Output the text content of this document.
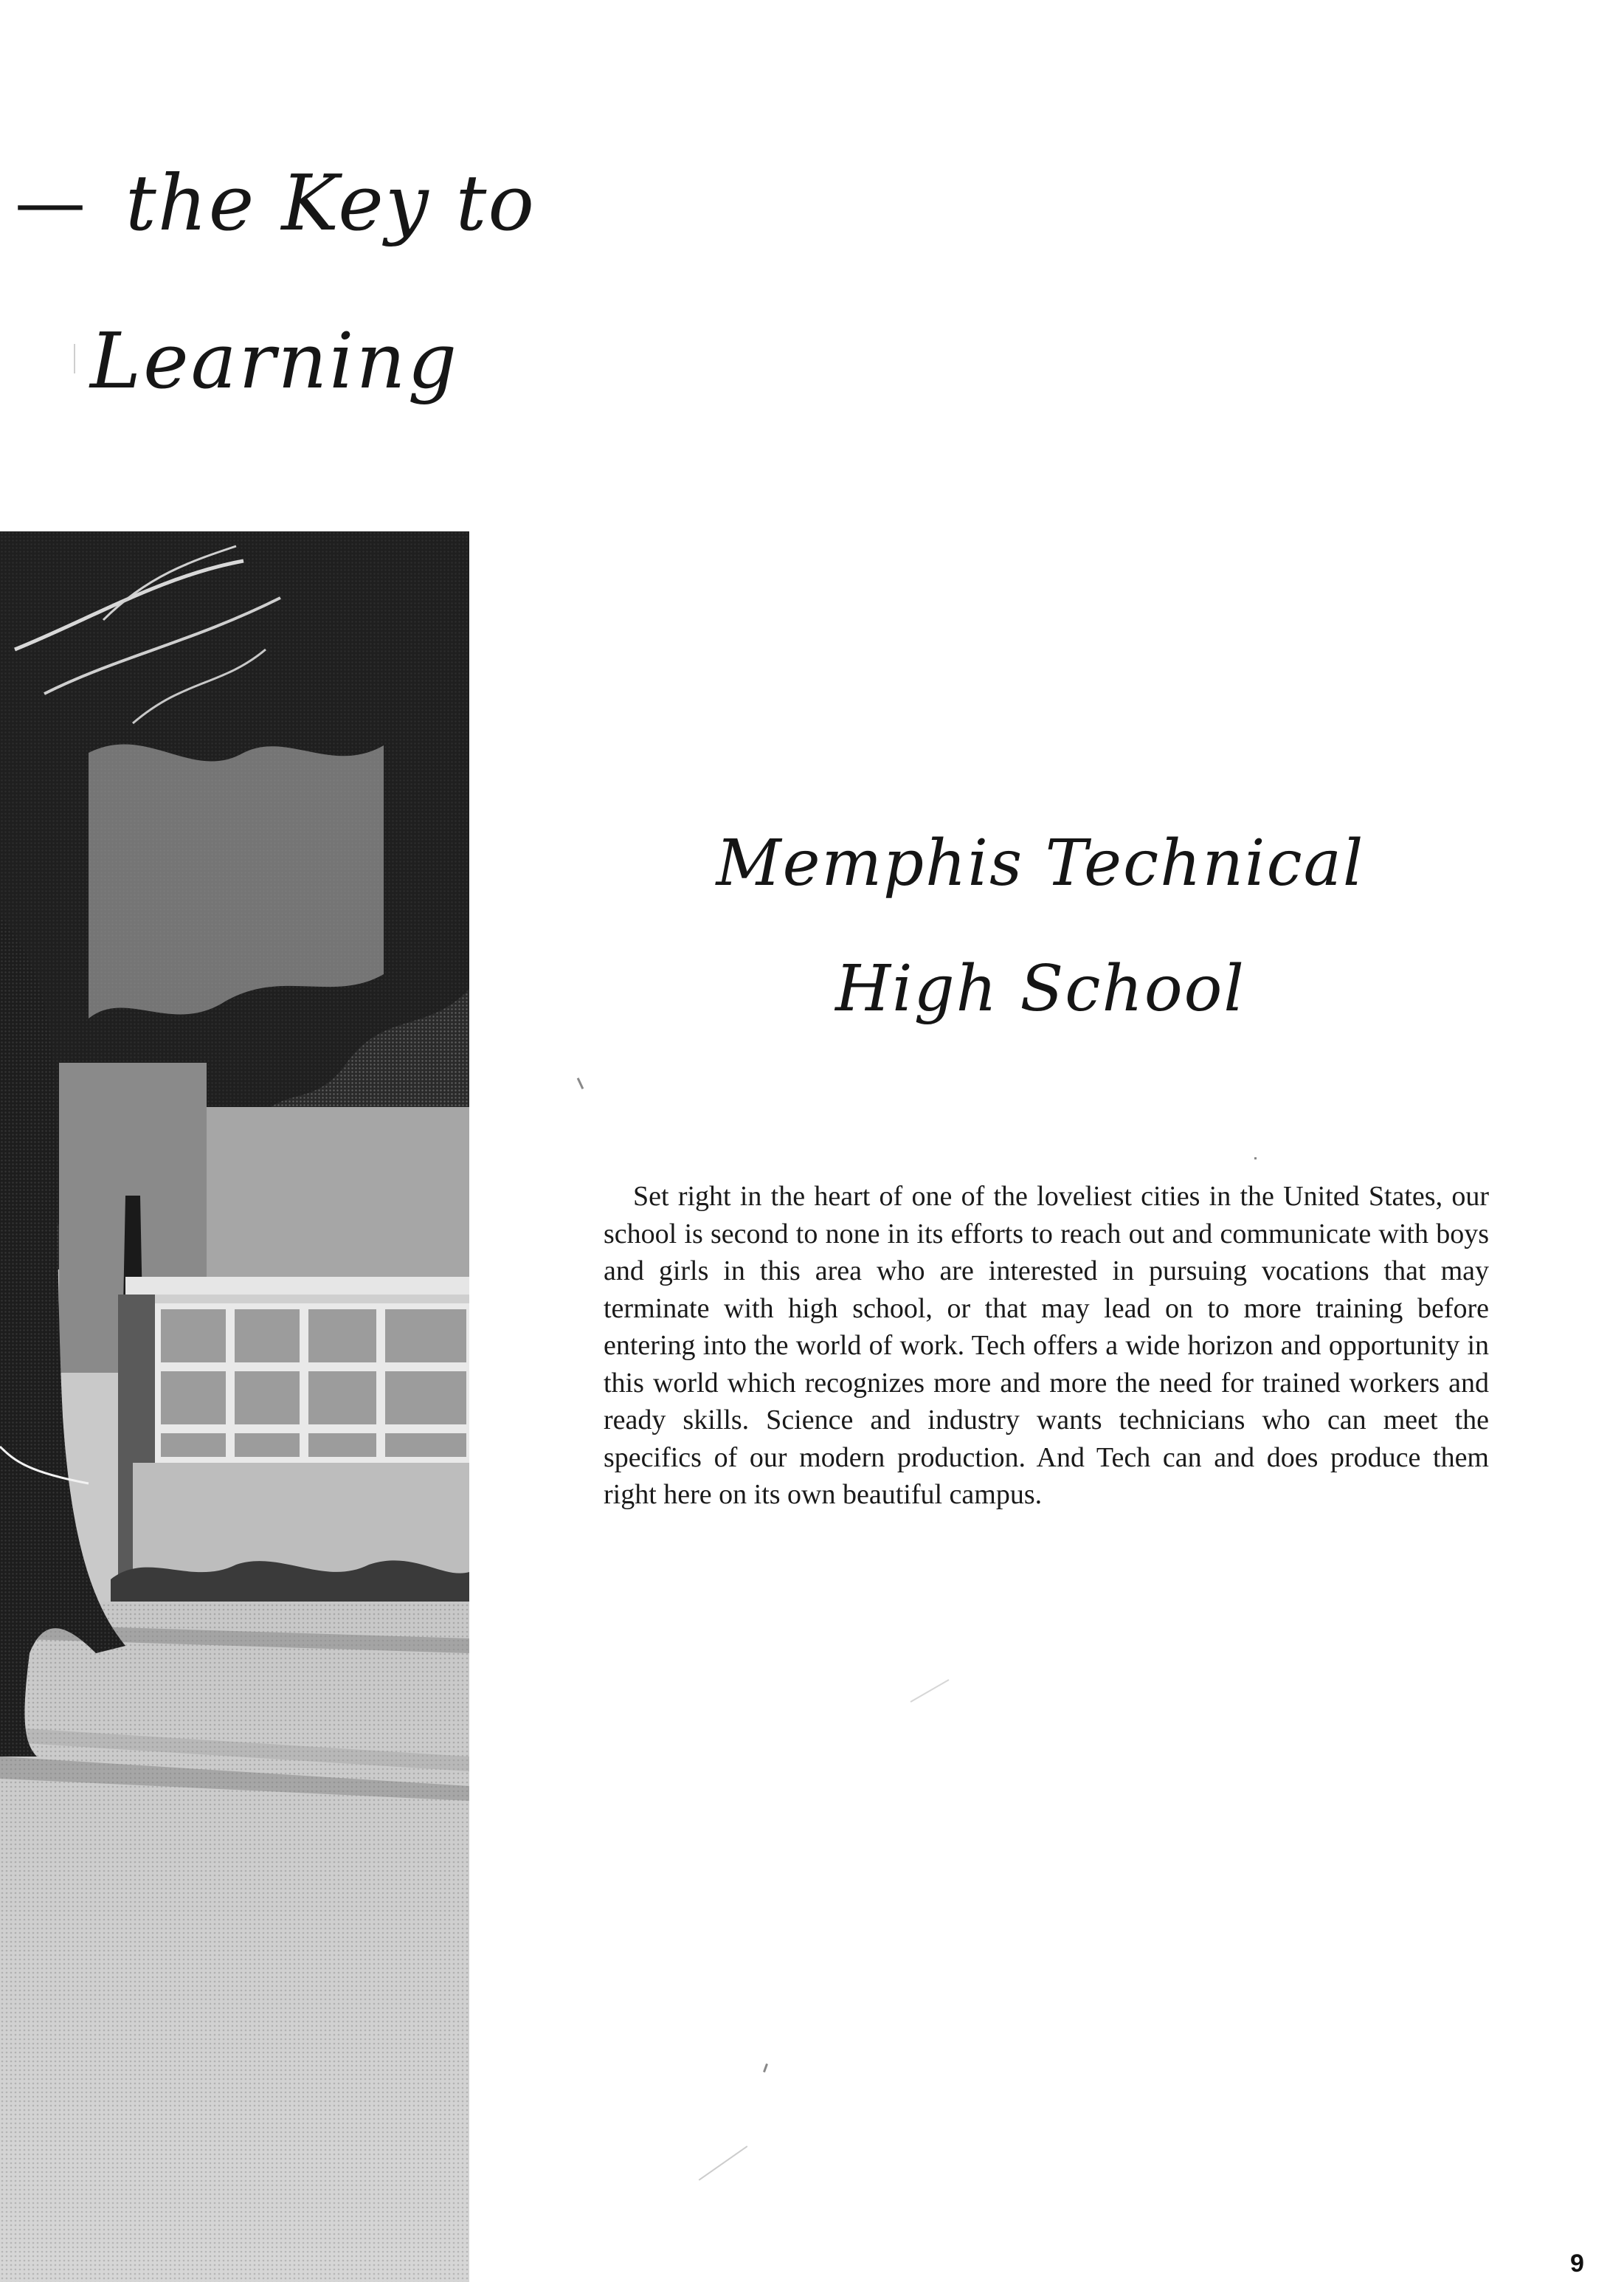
— the Key to
Learning
Memphis Technical
High School

Set right in the heart of one of the loveliest cities in the United States, our school is second to none in its efforts to reach out and communicate with boys and girls in this area who are interested in pursuing vocations that may terminate with high school, or that may lead on to more training before entering into the world of work. Tech offers a wide horizon and opportunity in this world which recognizes more and more the need for trained workers and ready skills. Science and industry wants technicians who can meet the specifics of our modern production. And Tech can and does produce them right here on its own beautiful campus.

9
